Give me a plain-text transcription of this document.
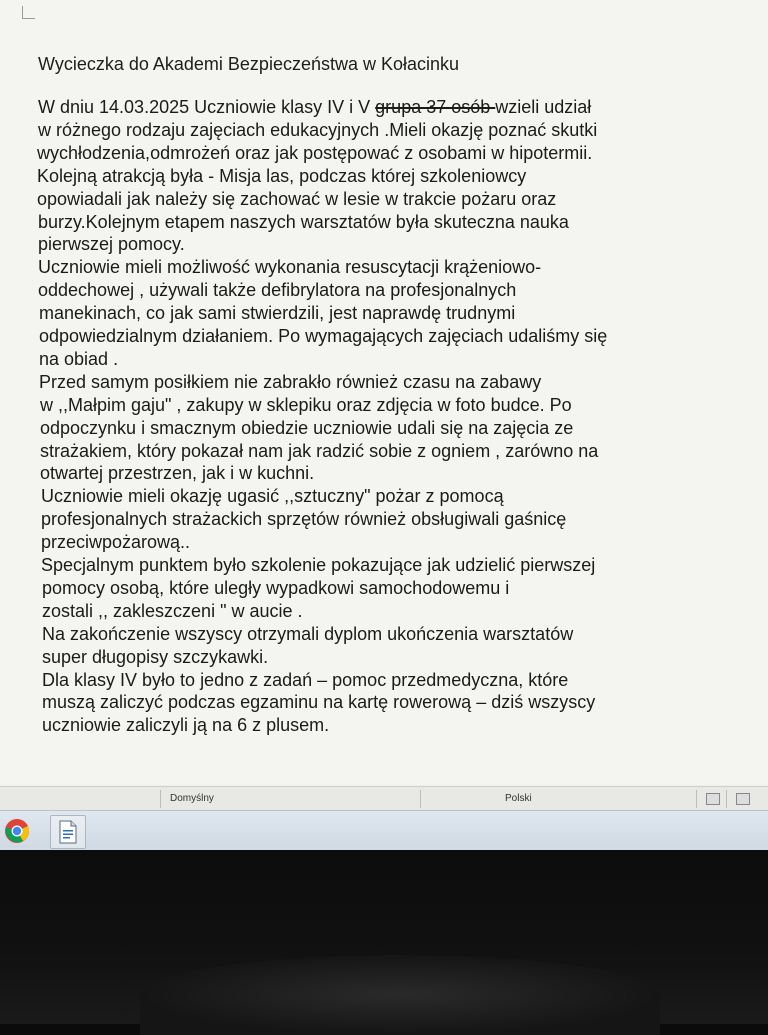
Wycieczka do Akademi Bezpieczeństwa w Kołacinku
W dniu 14.03.2025 Uczniowie klasy IV i V grupa 37 osób wzieli udział
w różnego rodzaju zajęciach edukacyjnych .Mieli okazję poznać skutki
wychłodzenia,odmrożeń oraz jak postępować z osobami w hipotermii.
Kolejną atrakcją była - Misja las, podczas której szkoleniowcy
opowiadali jak należy się zachować w lesie w trakcie pożaru oraz
burzy.Kolejnym etapem naszych warsztatów była skuteczna nauka
pierwszej pomocy.
Uczniowie mieli możliwość wykonania resuscytacji krążeniowo-
oddechowej , używali także defibrylatora na profesjonalnych
manekinach, co jak sami stwierdzili, jest naprawdę trudnymi
odpowiedzialnym działaniem. Po wymagających zajęciach udaliśmy się
na obiad .
Przed samym posiłkiem nie zabrakło również czasu na zabawy
w ,,Małpim gaju" , zakupy w sklepiku oraz zdjęcia w foto budce. Po
odpoczynku i smacznym obiedzie uczniowie udali się na zajęcia ze
strażakiem, który pokazał nam jak radzić sobie z ogniem , zarówno na
otwartej przestrzen, jak i w kuchni.
Uczniowie mieli okazję ugasić ,,sztuczny" pożar z pomocą
profesjonalnych strażackich sprzętów również obsługiwali gaśnicę
przeciwpożarową..
Specjalnym punktem było szkolenie pokazujące jak udzielić pierwszej
pomocy osobą, które uległy wypadkowi samochodowemu i
zostali ,, zakleszczeni " w aucie .
Na zakończenie wszyscy otrzymali dyplom ukończenia warsztatów
super długopisy szczykawki.
Dla klasy IV było to jedno z zadań – pomoc przedmedyczna, które
muszą zaliczyć podczas egzaminu na kartę rowerową – dziś wszyscy
uczniowie zaliczyli ją na 6 z plusem.
Domyślny	Polski
